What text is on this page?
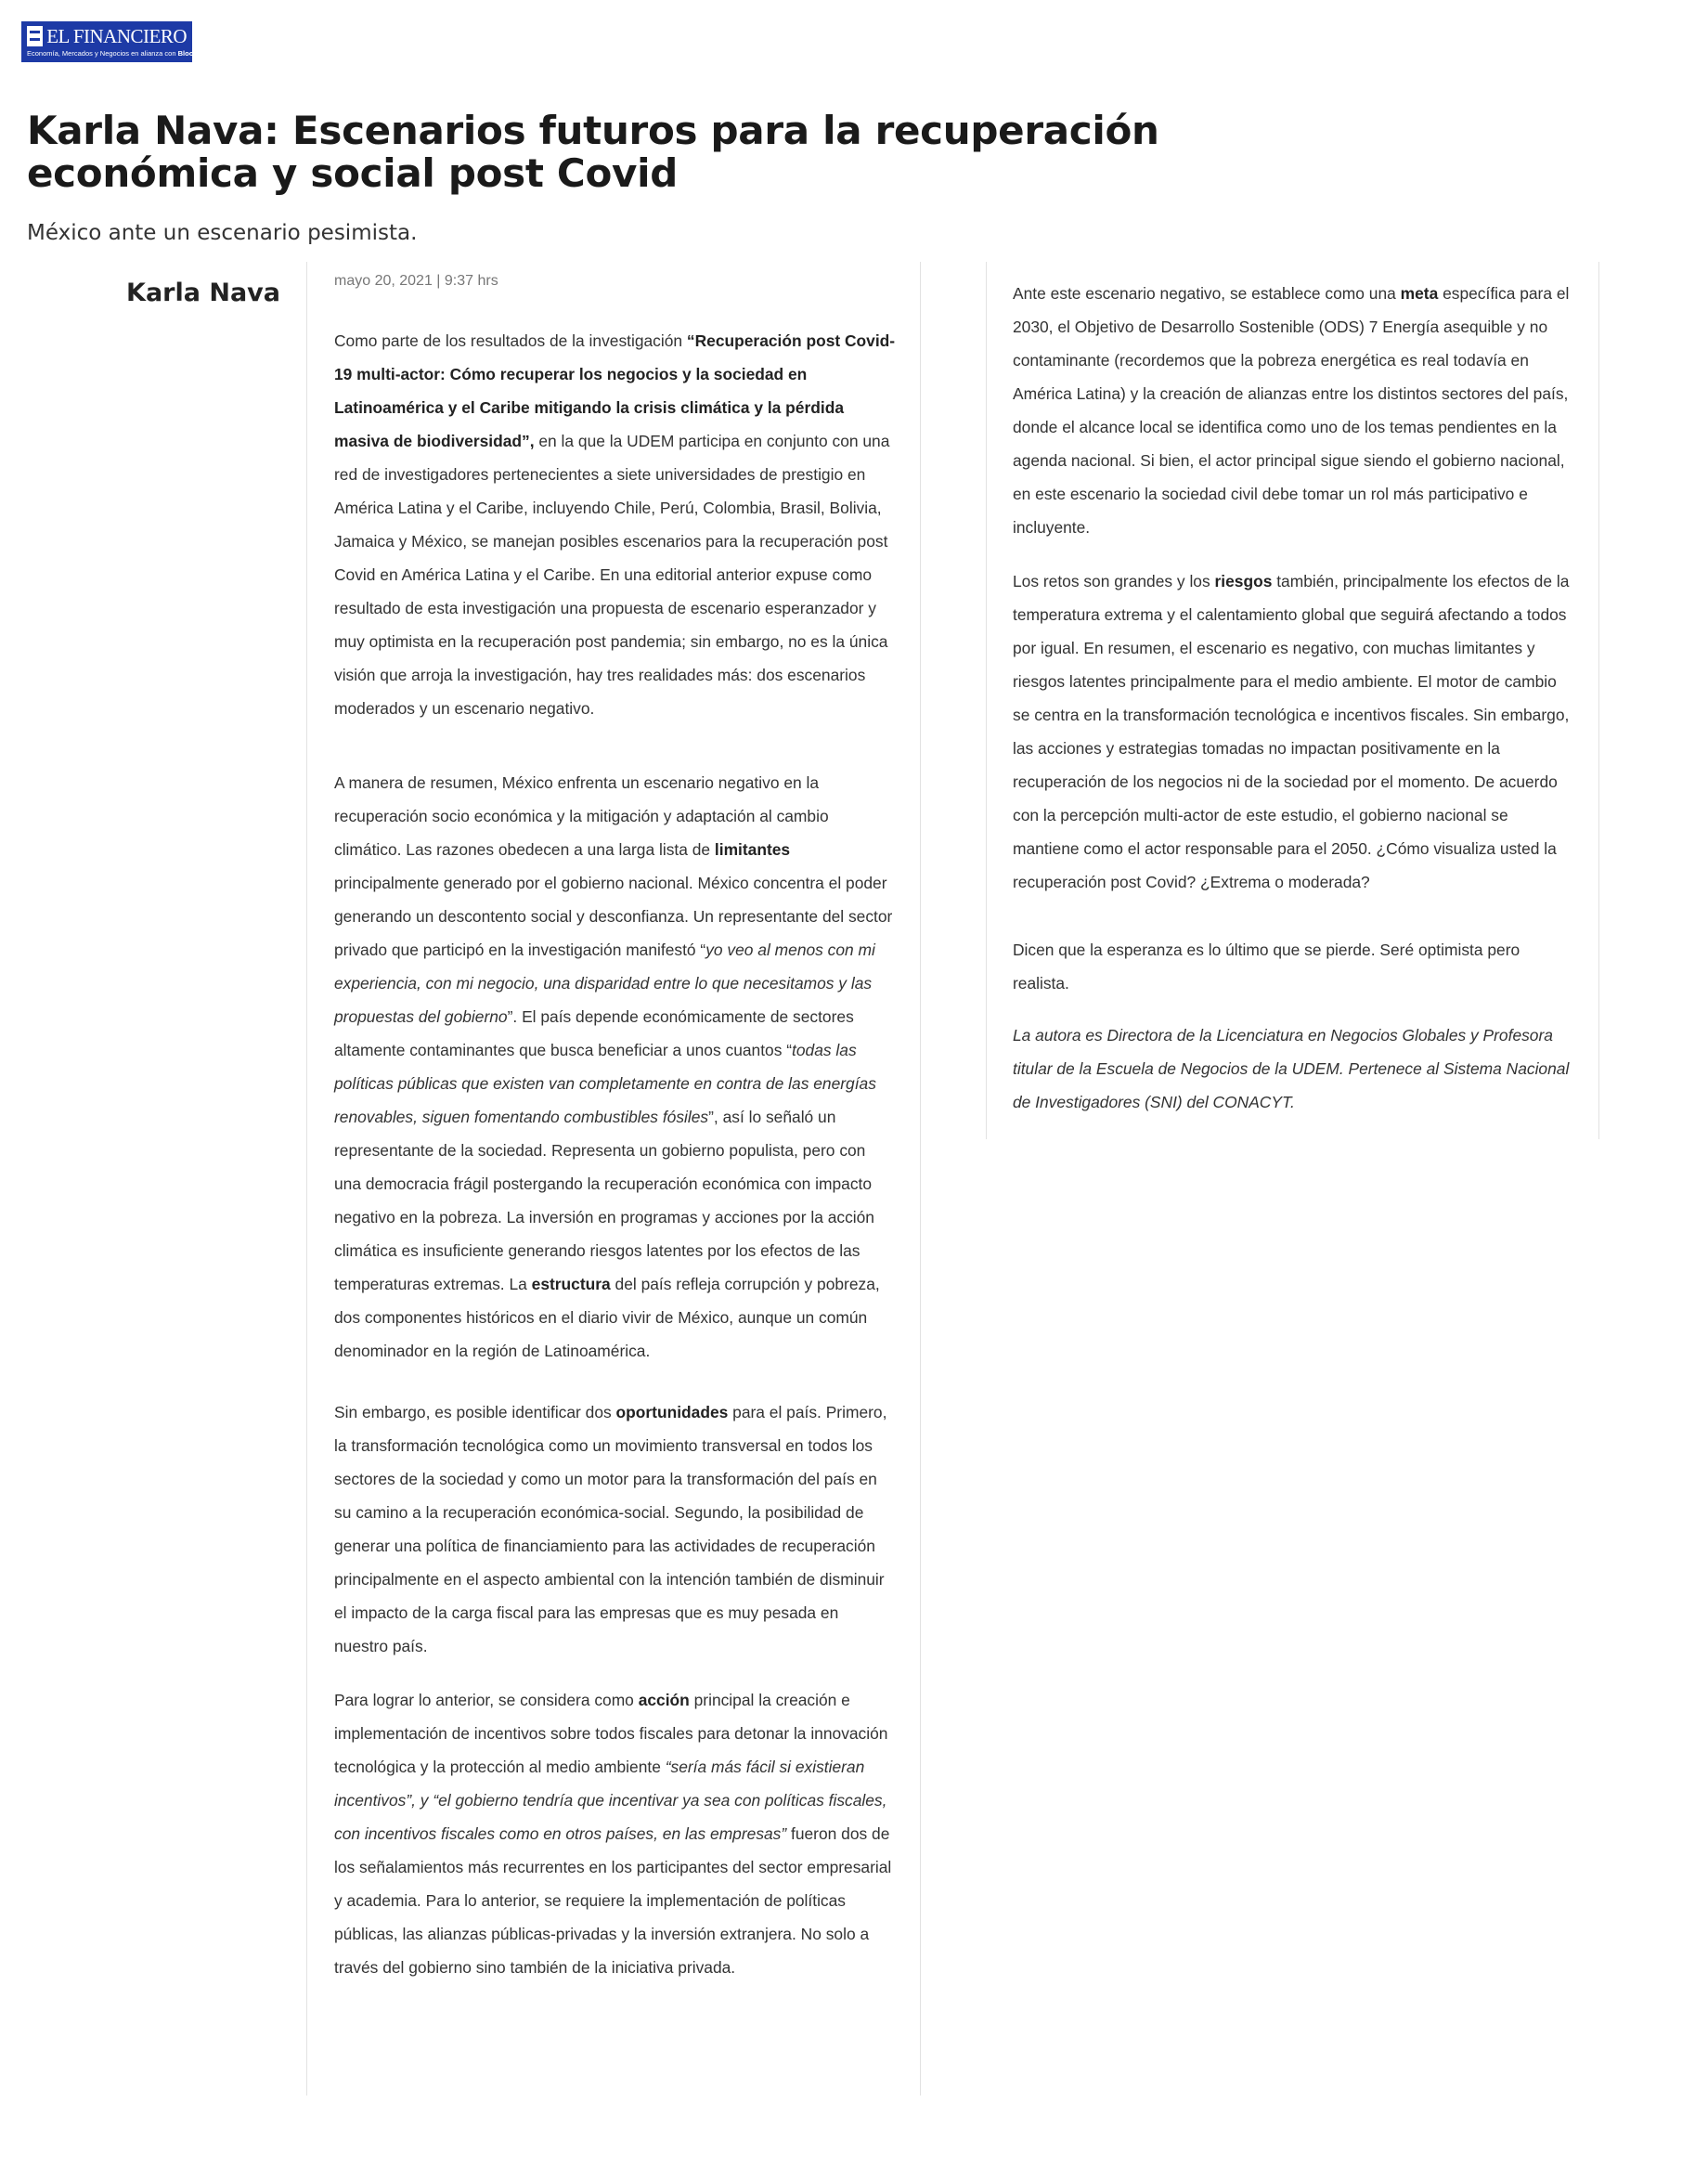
EL FINANCIERO
Economía, Mercados y Negocios en alianza con Bloomberg
Karla Nava: Escenarios futuros para la recuperación económica y social post Covid
México ante un escenario pesimista.
Karla Nava	mayo 20, 2021 | 9:37 hrs

Como parte de los resultados de la investigación “Recuperación post Covid-19 multi-actor: Cómo recuperar los negocios y la sociedad en Latinoamérica y el Caribe mitigando la crisis climática y la pérdida masiva de biodiversidad”, en la que la UDEM participa en conjunto con una red de investigadores pertenecientes a siete universidades de prestigio en América Latina y el Caribe, incluyendo Chile, Perú, Colombia, Brasil, Bolivia, Jamaica y México, se manejan posibles escenarios para la recuperación post Covid en América Latina y el Caribe. En una editorial anterior expuse como resultado de esta investigación una propuesta de escenario esperanzador y muy optimista en la recuperación post pandemia; sin embargo, no es la única visión que arroja la investigación, hay tres realidades más: dos escenarios moderados y un escenario negativo.

A manera de resumen, México enfrenta un escenario negativo en la recuperación socio económica y la mitigación y adaptación al cambio climático. Las razones obedecen a una larga lista de limitantes principalmente generado por el gobierno nacional. México concentra el poder generando un descontento social y desconfianza. Un representante del sector privado que participó en la investigación manifestó “yo veo al menos con mi experiencia, con mi negocio, una disparidad entre lo que necesitamos y las propuestas del gobierno”. El país depende económicamente de sectores altamente contaminantes que busca beneficiar a unos cuantos “todas las políticas públicas que existen van completamente en contra de las energías renovables, siguen fomentando combustibles fósiles”, así lo señaló un representante de la sociedad. Representa un gobierno populista, pero con una democracia frágil postergando la recuperación económica con impacto negativo en la pobreza. La inversión en programas y acciones por la acción climática es insuficiente generando riesgos latentes por los efectos de las temperaturas extremas. La estructura del país refleja corrupción y pobreza, dos componentes históricos en el diario vivir de México, aunque un común denominador en la región de Latinoamérica.

Sin embargo, es posible identificar dos oportunidades para el país. Primero, la transformación tecnológica como un movimiento transversal en todos los sectores de la sociedad y como un motor para la transformación del país en su camino a la recuperación económica-social. Segundo, la posibilidad de generar una política de financiamiento para las actividades de recuperación principalmente en el aspecto ambiental con la intención también de disminuir el impacto de la carga fiscal para las empresas que es muy pesada en nuestro país.

Para lograr lo anterior, se considera como acción principal la creación e implementación de incentivos sobre todos fiscales para detonar la innovación tecnológica y la protección al medio ambiente “sería más fácil si existieran incentivos”, y “el gobierno tendría que incentivar ya sea con políticas fiscales, con incentivos fiscales como en otros países, en las empresas” fueron dos de los señalamientos más recurrentes en los participantes del sector empresarial y academia. Para lo anterior, se requiere la implementación de políticas públicas, las alianzas públicas-privadas y la inversión extranjera. No solo a través del gobierno sino también de la iniciativa privada.

Ante este escenario negativo, se establece como una meta específica para el 2030, el Objetivo de Desarrollo Sostenible (ODS) 7 Energía asequible y no contaminante (recordemos que la pobreza energética es real todavía en América Latina) y la creación de alianzas entre los distintos sectores del país, donde el alcance local se identifica como uno de los temas pendientes en la agenda nacional. Si bien, el actor principal sigue siendo el gobierno nacional, en este escenario la sociedad civil debe tomar un rol más participativo e incluyente.

Los retos son grandes y los riesgos también, principalmente los efectos de la temperatura extrema y el calentamiento global que seguirá afectando a todos por igual. En resumen, el escenario es negativo, con muchas limitantes y riesgos latentes principalmente para el medio ambiente. El motor de cambio se centra en la transformación tecnológica e incentivos fiscales. Sin embargo, las acciones y estrategias tomadas no impactan positivamente en la recuperación de los negocios ni de la sociedad por el momento. De acuerdo con la percepción multi-actor de este estudio, el gobierno nacional se mantiene como el actor responsable para el 2050. ¿Cómo visualiza usted la recuperación post Covid? ¿Extrema o moderada?

Dicen que la esperanza es lo último que se pierde. Seré optimista pero realista.

La autora es Directora de la Licenciatura en Negocios Globales y Profesora titular de la Escuela de Negocios de la UDEM. Pertenece al Sistema Nacional de Investigadores (SNI) del CONACYT.
